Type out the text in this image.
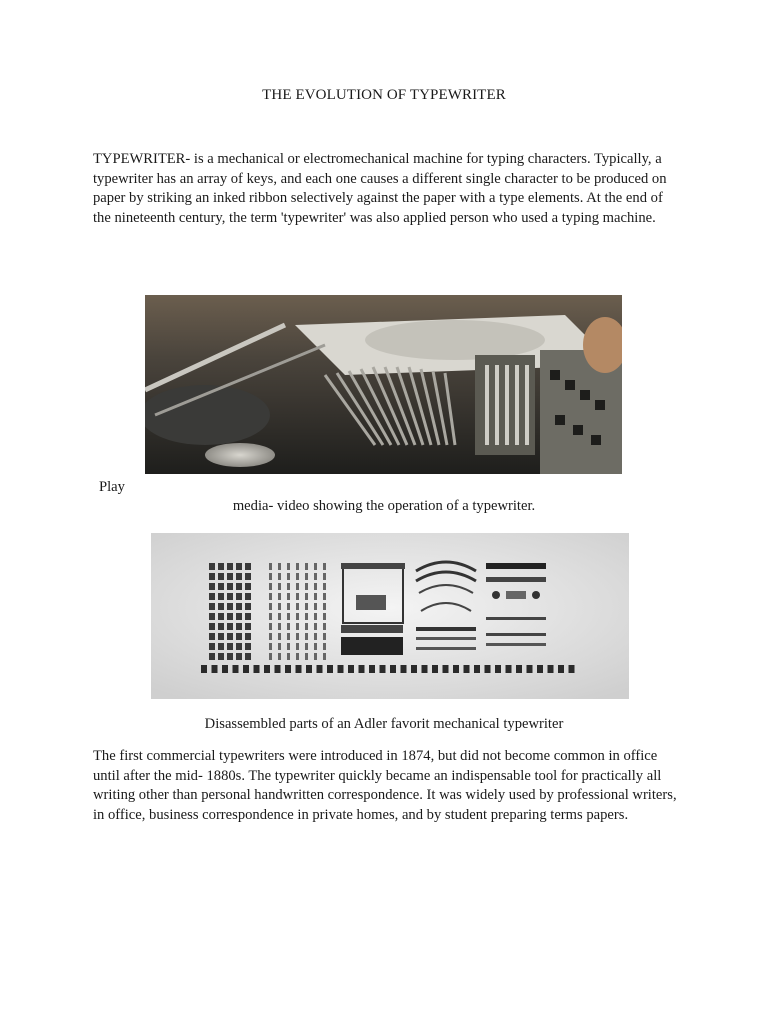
THE EVOLUTION OF TYPEWRITER
TYPEWRITER- is a mechanical or electromechanical machine for typing characters. Typically, a typewriter has an array of keys, and each one causes a different single character to be produced on paper by striking an inked ribbon selectively against the paper with a type elements. At the end of the nineteenth century, the term 'typewriter' was also applied person who used a typing machine.
Play
media- video showing the operation of a typewriter.
Disassembled parts of an Adler favorit mechanical typewriter
The first commercial typewriters were introduced in 1874, but did not become common in office until after the mid- 1880s. The typewriter quickly became an indispensable tool for practically all writing other than personal handwritten correspondence. It was widely used by professional writers, in office, business correspondence in private homes, and by student preparing terms papers.
